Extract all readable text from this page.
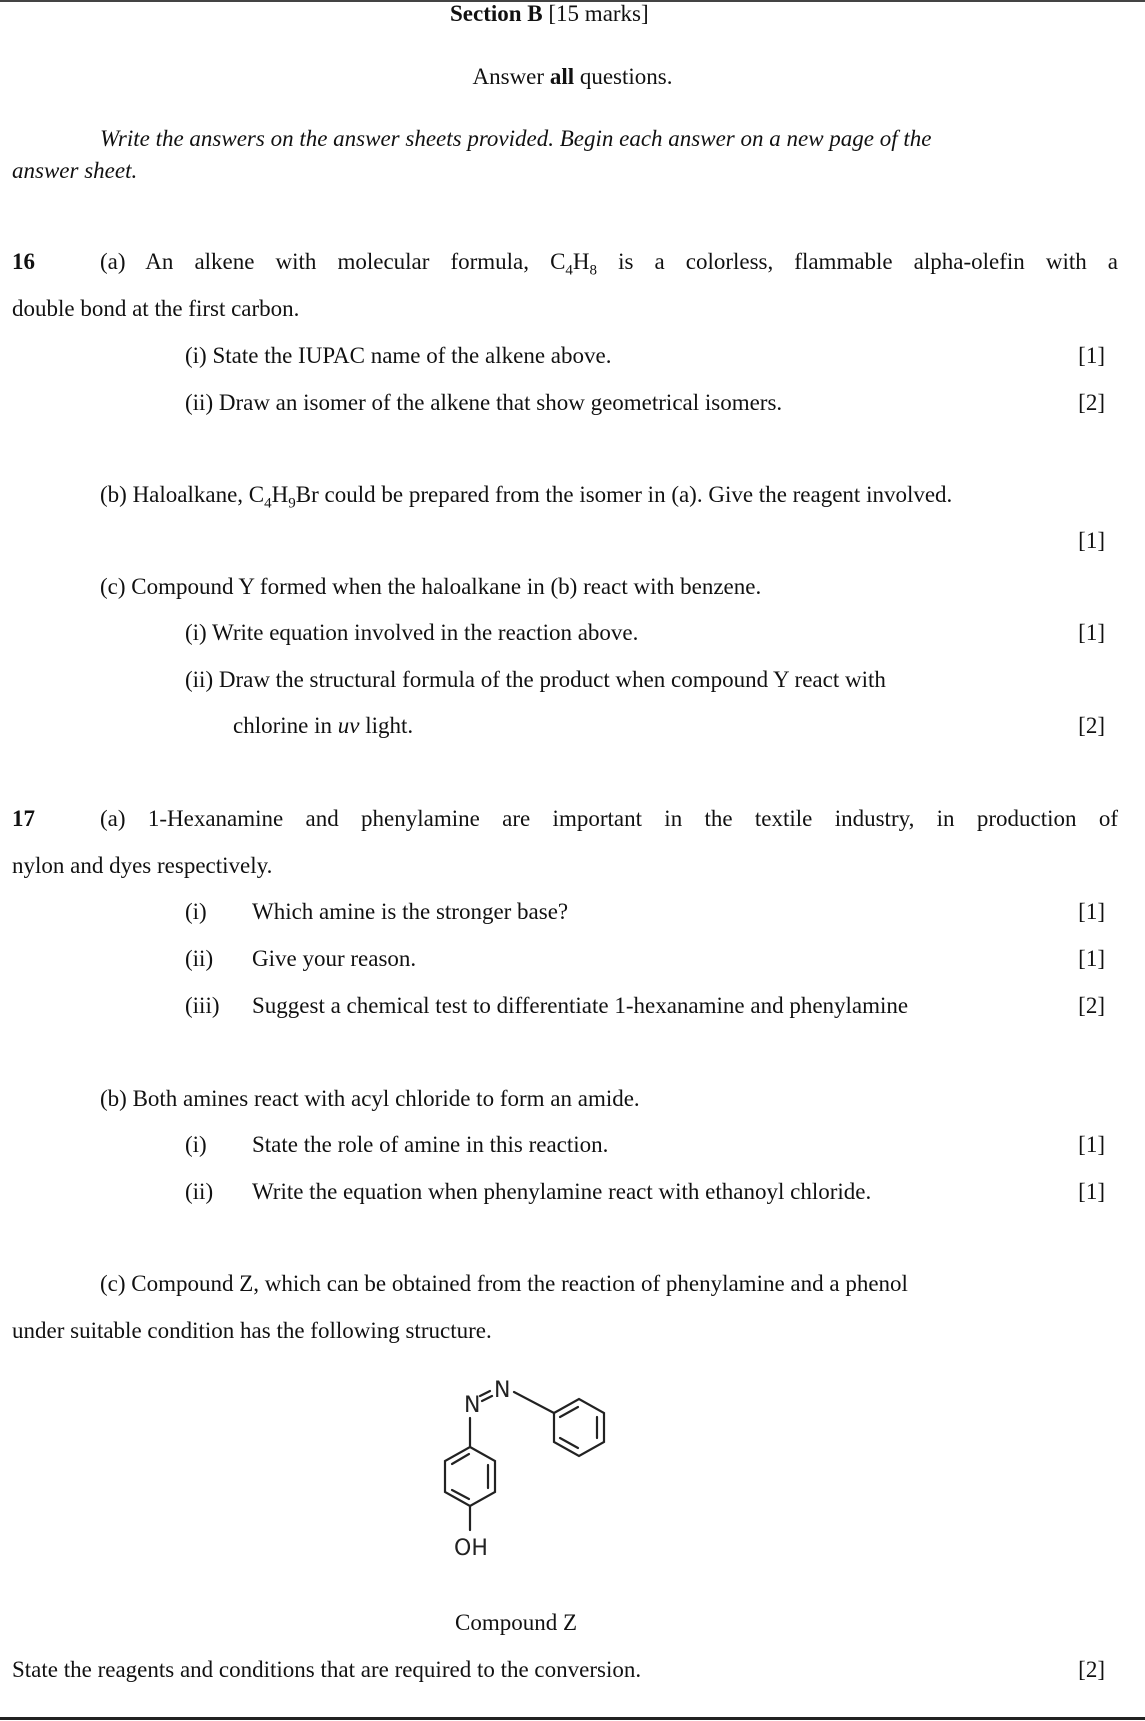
Section B [15 marks]
Answer all questions.
Write the answers on the answer sheets provided. Begin each answer on a new page of the
answer sheet.
16	(a) An alkene with molecular formula, $C_4H_8$ is a colorless, flammable alpha-olefin with a
double bond at the first carbon.
(i) State the IUPAC name of the alkene above.	[1]
(ii) Draw an isomer of the alkene that show geometrical isomers.	[2]
(b) Haloalkane, $C_4H_9Br$ could be prepared from the isomer in (a). Give the reagent involved.
[1]
(c) Compound Y formed when the haloalkane in (b) react with benzene.
(i) Write equation involved in the reaction above.	[1]
(ii) Draw the structural formula of the product when compound Y react with
chlorine in uv light.	[2]
17	(a) 1-Hexanamine and phenylamine are important in the textile industry, in production of
nylon and dyes respectively.
(i) Which amine is the stronger base?	[1]
(ii) Give your reason.	[1]
(iii) Suggest a chemical test to differentiate 1-hexanamine and phenylamine	[2]
(b) Both amines react with acyl chloride to form an amide.
(i) State the role of amine in this reaction.	[1]
(ii) Write the equation when phenylamine react with ethanoyl chloride.	[1]
(c) Compound Z, which can be obtained from the reaction of phenylamine and a phenol
under suitable condition has the following structure.
N
N
OH
Compound Z
State the reagents and conditions that are required to the conversion.	[2]
